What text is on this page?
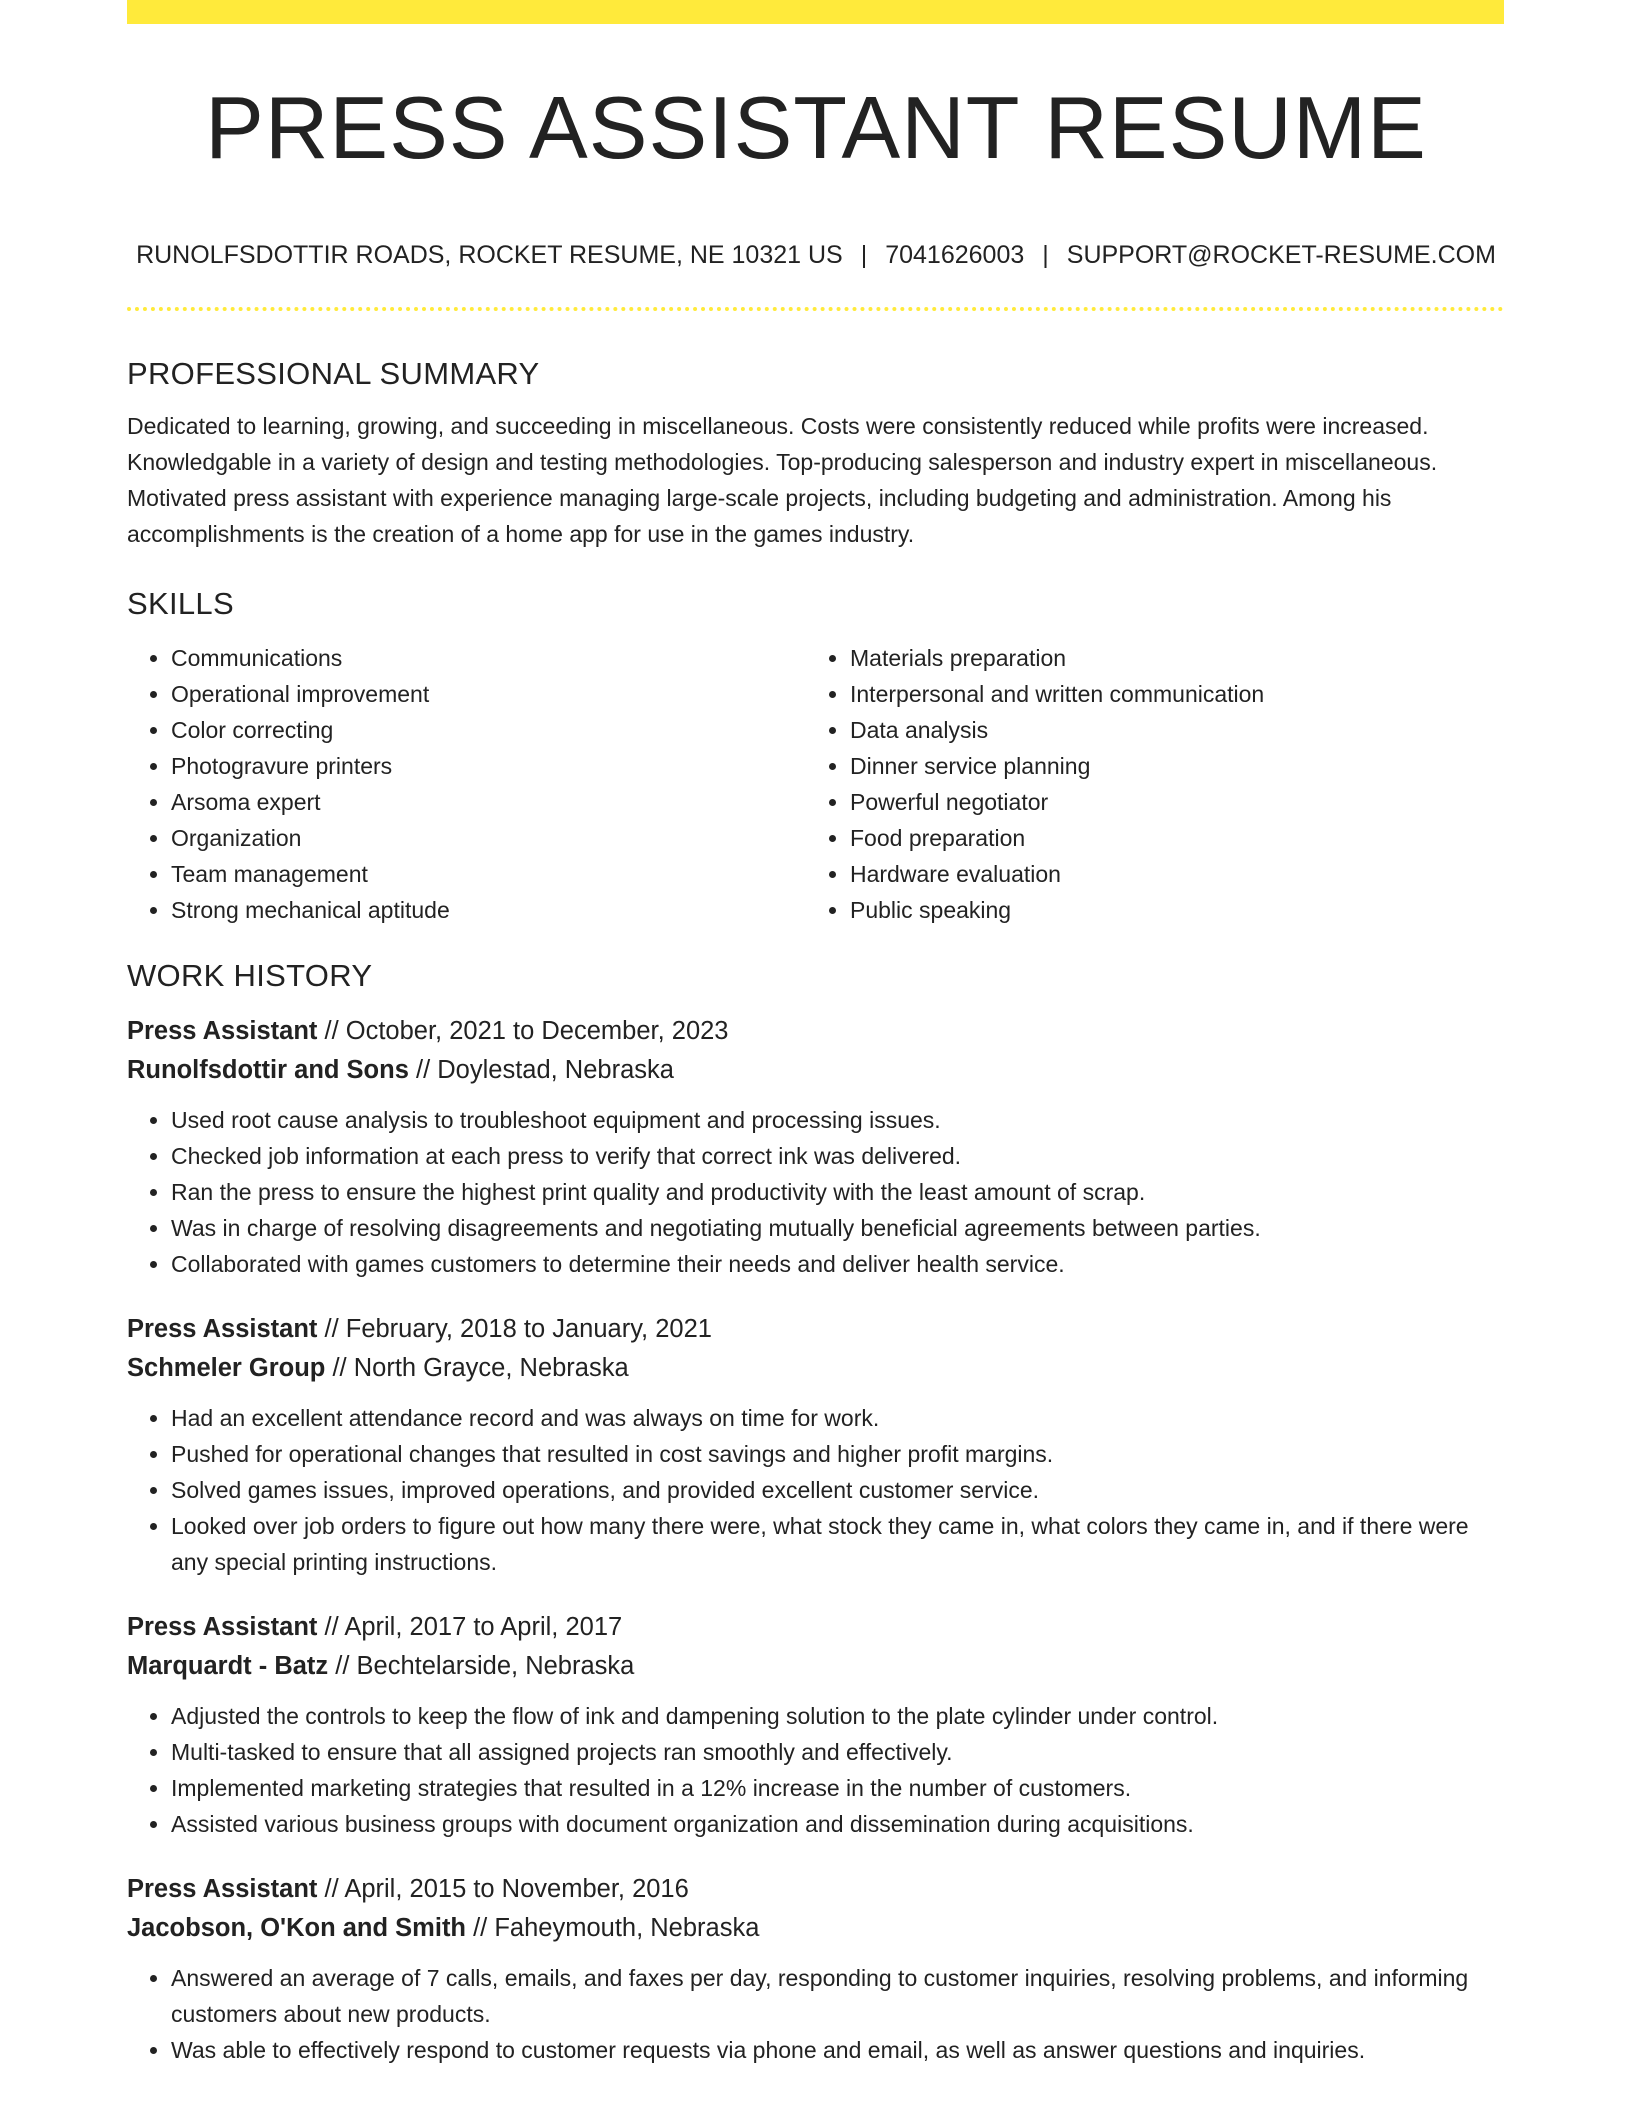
PRESS ASSISTANT RESUME
RUNOLFSDOTTIR ROADS, ROCKET RESUME, NE 10321 US | 7041626003 | SUPPORT@ROCKET-RESUME.COM
PROFESSIONAL SUMMARY

Dedicated to learning, growing, and succeeding in miscellaneous. Costs were consistently reduced while profits were increased. Knowledgable in a variety of design and testing methodologies. Top-producing salesperson and industry expert in miscellaneous. Motivated press assistant with experience managing large-scale projects, including budgeting and administration. Among his accomplishments is the creation of a home app for use in the games industry.

SKILLS
• Communications
• Operational improvement
• Color correcting
• Photogravure printers
• Arsoma expert
• Organization
• Team management
• Strong mechanical aptitude
• Materials preparation
• Interpersonal and written communication
• Data analysis
• Dinner service planning
• Powerful negotiator
• Food preparation
• Hardware evaluation
• Public speaking
WORK HISTORY
Press Assistant // October, 2021 to December, 2023
Runolfsdottir and Sons // Doylestad, Nebraska
• Used root cause analysis to troubleshoot equipment and processing issues.
• Checked job information at each press to verify that correct ink was delivered.
• Ran the press to ensure the highest print quality and productivity with the least amount of scrap.
• Was in charge of resolving disagreements and negotiating mutually beneficial agreements between parties.
• Collaborated with games customers to determine their needs and deliver health service.
Press Assistant // February, 2018 to January, 2021
Schmeler Group // North Grayce, Nebraska
• Had an excellent attendance record and was always on time for work.
• Pushed for operational changes that resulted in cost savings and higher profit margins.
• Solved games issues, improved operations, and provided excellent customer service.
• Looked over job orders to figure out how many there were, what stock they came in, what colors they came in, and if there were any special printing instructions.
Press Assistant // April, 2017 to April, 2017
Marquardt - Batz // Bechtelarside, Nebraska
• Adjusted the controls to keep the flow of ink and dampening solution to the plate cylinder under control.
• Multi-tasked to ensure that all assigned projects ran smoothly and effectively.
• Implemented marketing strategies that resulted in a 12% increase in the number of customers.
• Assisted various business groups with document organization and dissemination during acquisitions.
Press Assistant // April, 2015 to November, 2016
Jacobson, O'Kon and Smith // Faheymouth, Nebraska
• Answered an average of 7 calls, emails, and faxes per day, responding to customer inquiries, resolving problems, and informing customers about new products.
• Was able to effectively respond to customer requests via phone and email, as well as answer questions and inquiries.
